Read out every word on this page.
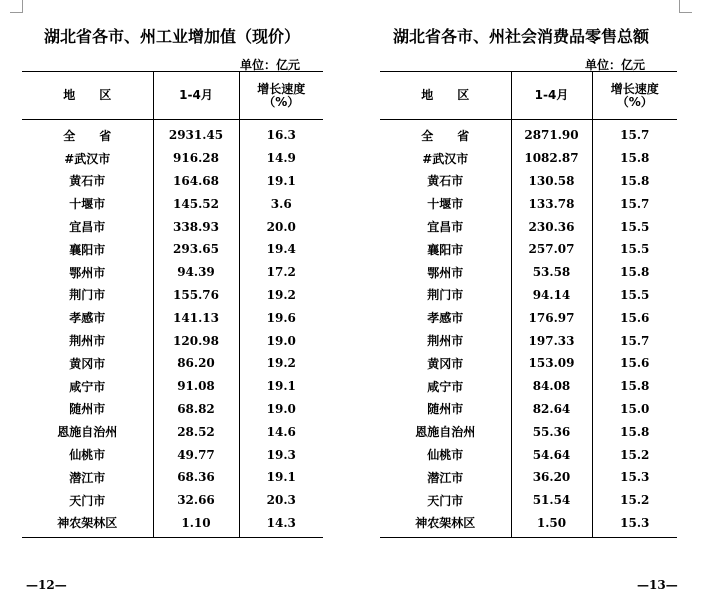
湖北省各市、州工业增加值（现价）
单位：亿元
地　　区	1-4月	增长速度
（%）

全　　省	2931.45	16.3
#武汉市	916.28	14.9
黄石市	164.68	19.1
十堰市	145.52	3.6
宜昌市	338.93	20.0
襄阳市	293.65	19.4
鄂州市	94.39	17.2
荆门市	155.76	19.2
孝感市	141.13	19.6
荆州市	120.98	19.0
黄冈市	86.20	19.2
咸宁市	91.08	19.1
随州市	68.82	19.0
恩施自治州	28.52	14.6
仙桃市	49.77	19.3
潜江市	68.36	19.1
天门市	32.66	20.3
神农架林区	1.10	14.3
—12—
湖北省各市、州社会消费品零售总额
单位：亿元
地　　区	1-4月	增长速度
（%）

全　　省	2871.90	15.7
#武汉市	1082.87	15.8
黄石市	130.58	15.8
十堰市	133.78	15.7
宜昌市	230.36	15.5
襄阳市	257.07	15.5
鄂州市	53.58	15.8
荆门市	94.14	15.5
孝感市	176.97	15.6
荆州市	197.33	15.7
黄冈市	153.09	15.6
咸宁市	84.08	15.8
随州市	82.64	15.0
恩施自治州	55.36	15.8
仙桃市	54.64	15.2
潜江市	36.20	15.3
天门市	51.54	15.2
神农架林区	1.50	15.3
—13—
